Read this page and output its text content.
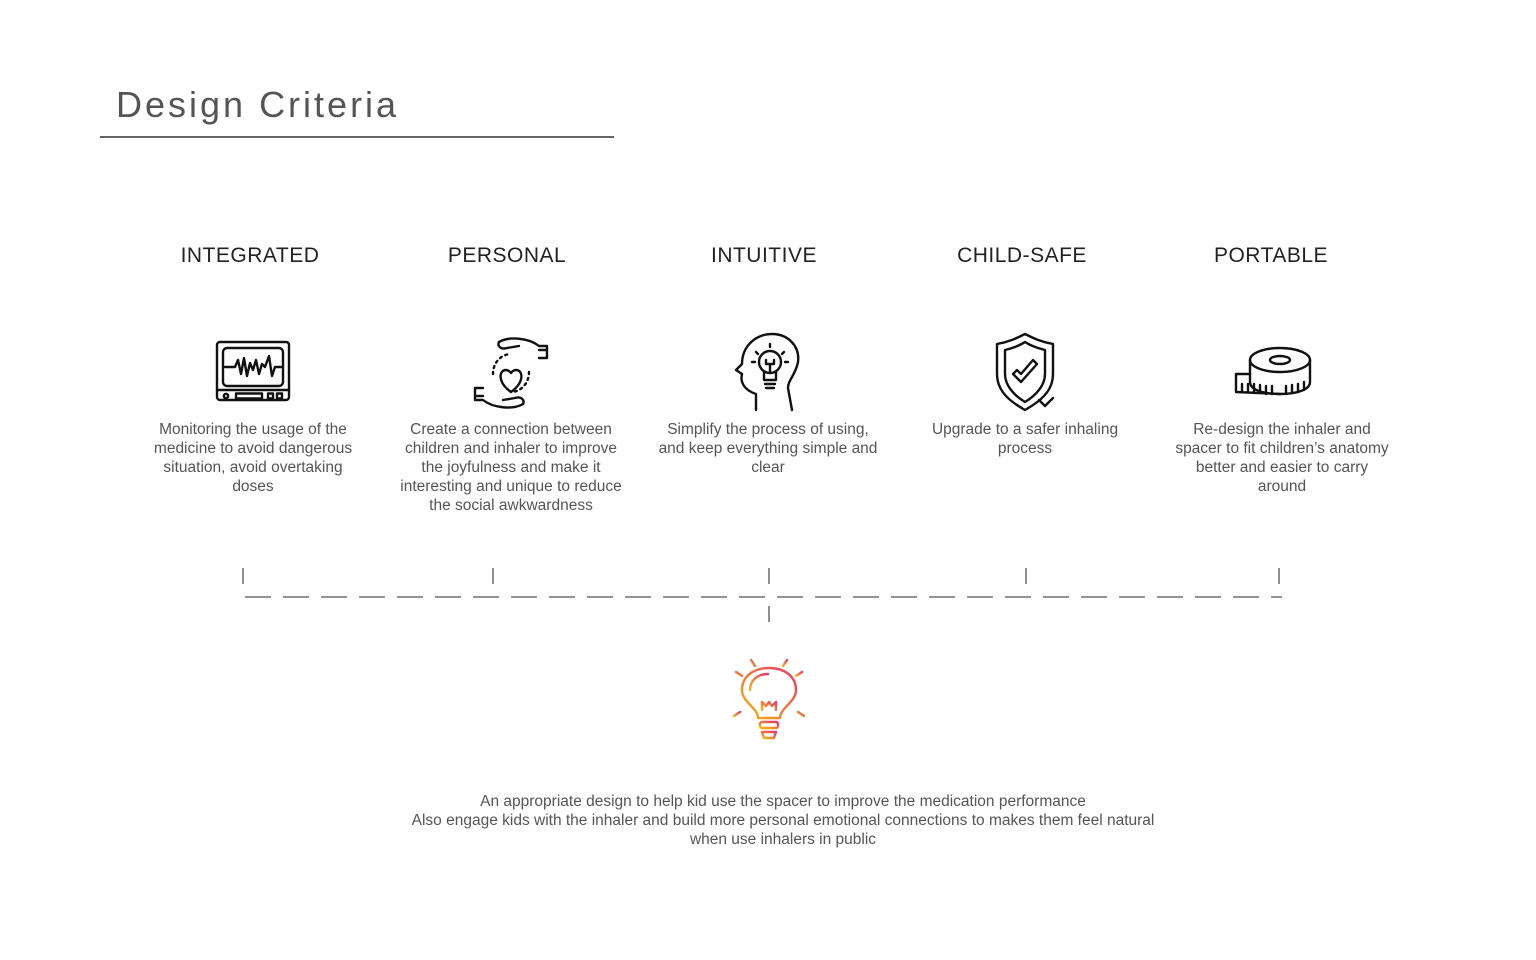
Design Criteria
INTEGRATED	PERSONAL	INTUITIVE	CHILD-SAFE	PORTABLE
Monitoring the usage of the medicine to avoid dangerous situation, avoid overtaking doses
Create a connection between children and inhaler to improve the joyfulness and make it interesting and unique to reduce the social awkwardness
Simplify the process of using, and keep everything simple and clear
Upgrade to a safer inhaling process
Re-design the inhaler and spacer to fit children’s anatomy better and easier to carry around

An appropriate design to help kid use the spacer to improve the medication performance

Also engage kids with the inhaler and build more personal emotional connections to makes them feel natural when use inhalers in public
